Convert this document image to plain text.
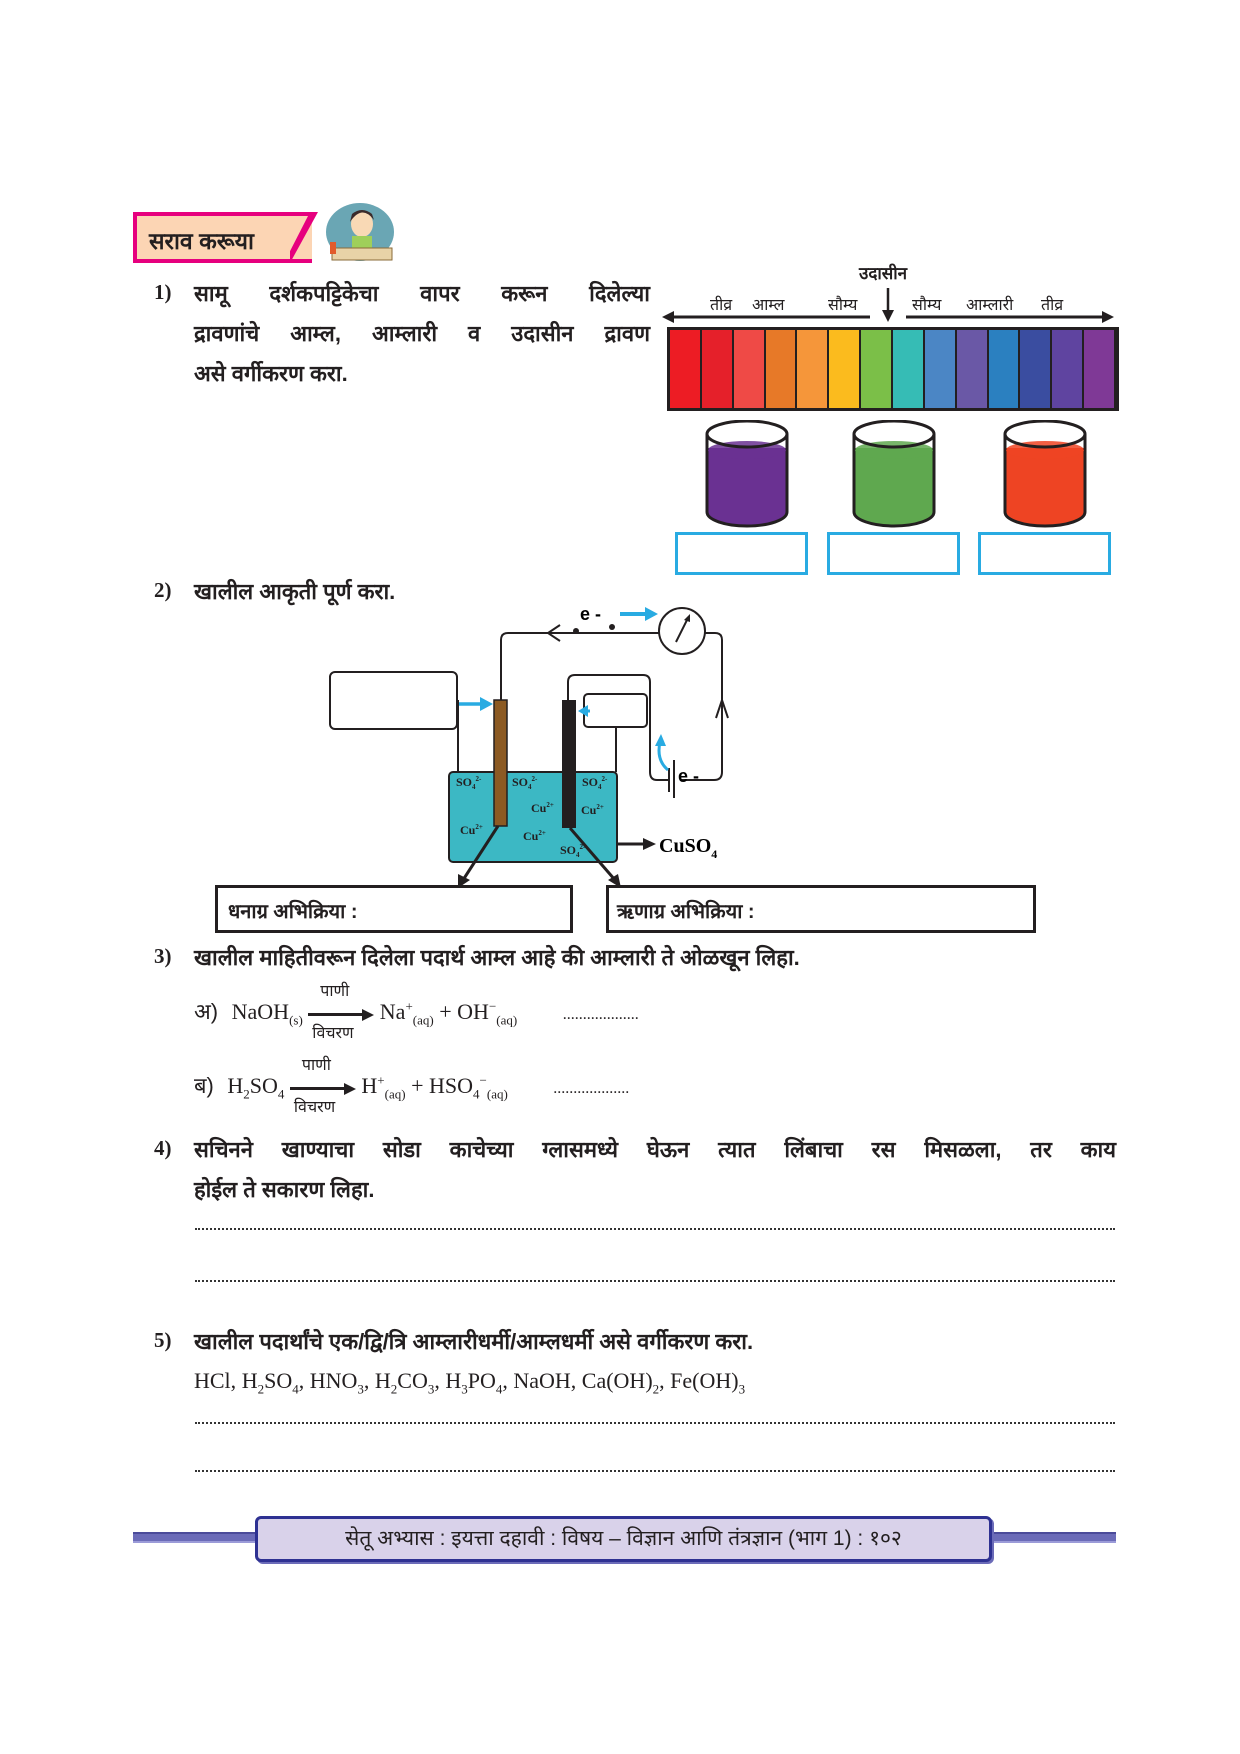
सराव करूया
1) सामू दर्शकपट्टिकेचा वापर करून दिलेल्या
द्रावणांचे आम्ल, आम्लारी व उदासीन द्रावण
असे वर्गीकरण करा.
उदासीन
तीव्र आम्ल	सौम्य	सौम्य आम्लारी तीव्र
2) खालील आकृती पूर्ण करा.
e -
e -
$SO_4^{2-}$	$SO_4^{2-}$	$SO_4^{2-}$
$Cu^{2+}$ $Cu^{2+}$
$Cu^{2+}$
$Cu^{2+}$
$SO_4^{2-}$	CuSO$_4$
धनाग्र अभिक्रिया :	ऋणाग्र अभिक्रिया :
3) खालील माहितीवरून दिलेला पदार्थ आम्ल आहे की आम्लारी ते ओळखून लिहा.
अ) NaOH$_{(s)}$
पाणी
विचरण
$Na^+_{(aq)} + OH^-_{(aq)}$	...................
ब) $H_2SO_4$
पाणी
विचरण
$H^+_{(aq)} + HSO_4^-_{(aq)}$	...................
4) सचिनने खाण्याचा सोडा काचेच्या ग्लासमध्ये घेऊन त्यात लिंबाचा रस मिसळला, तर काय
होईल ते सकारण लिहा.
5) खालील पदार्थांचे एक/द्वि/त्रि आम्लारीधर्मी/आम्लधर्मी असे वर्गीकरण करा.
HCl, $H_2SO_4$, $HNO_3$, $H_2CO_3$, $H_3PO_4$, NaOH, $Ca(OH)_2$, $Fe(OH)_3$
सेतू अभ्यास : इयत्ता दहावी : विषय – विज्ञान आणि तंत्रज्ञान (भाग 1) : १०२
